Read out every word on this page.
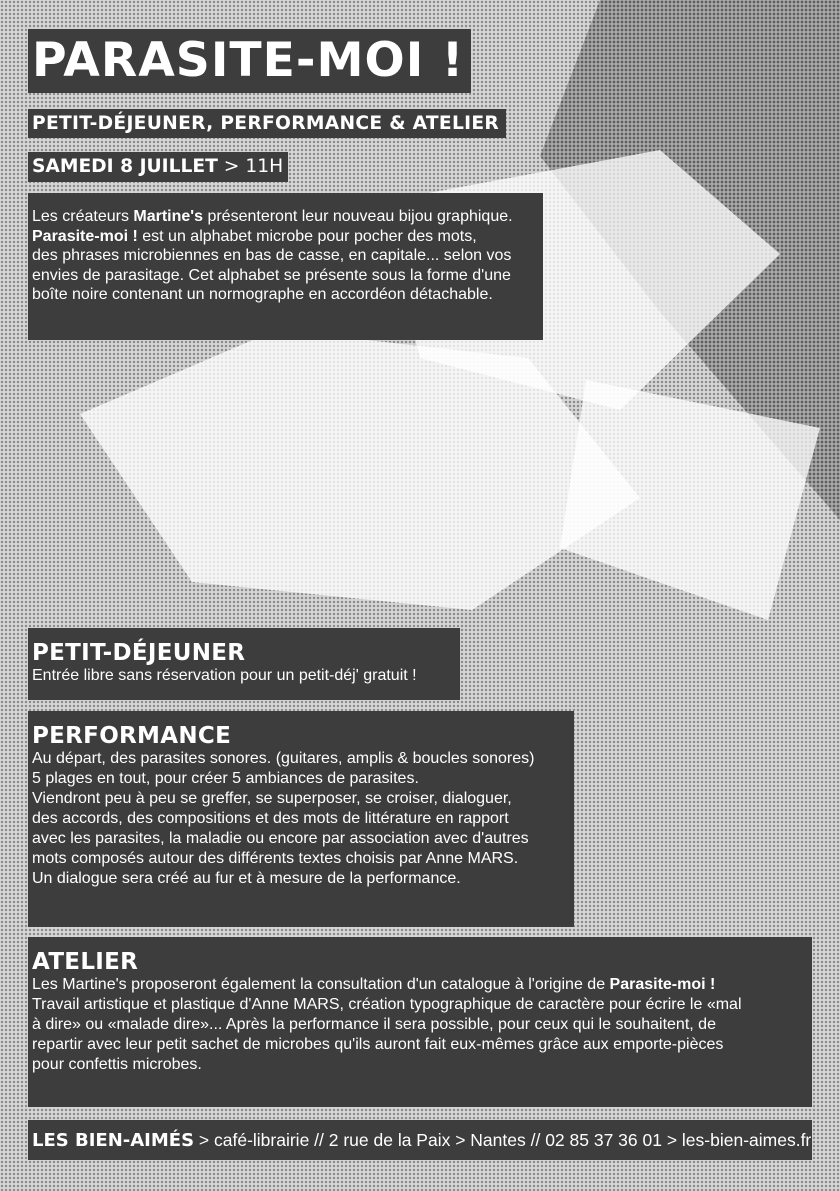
PARASITE-MOI !
PETIT-DÉJEUNER, PERFORMANCE & ATELIER
SAMEDI 8 JUILLET > 11H
Les créateurs Martine's présenteront leur nouveau bijou graphique.
Parasite-moi ! est un alphabet microbe pour pocher des mots,
des phrases microbiennes en bas de casse, en capitale... selon vos
envies de parasitage. Cet alphabet se présente sous la forme d'une
boîte noire contenant un normographe en accordéon détachable.
PETIT-DÉJEUNER

Entrée libre sans réservation pour un petit-déj' gratuit !

PERFORMANCE

Au départ, des parasites sonores. (guitares, amplis & boucles sonores)

5 plages en tout, pour créer 5 ambiances de parasites.

Viendront peu à peu se greffer, se superposer, se croiser, dialoguer,

des accords, des compositions et des mots de littérature en rapport

avec les parasites, la maladie ou encore par association avec d'autres

mots composés autour des différents textes choisis par Anne MARS.

Un dialogue sera créé au fur et à mesure de la performance.

ATELIER

Les Martine's proposeront également la consultation d'un catalogue à l'origine de Parasite-moi !

Travail artistique et plastique d'Anne MARS, création typographique de caractère pour écrire le «mal

à dire» ou «malade dire»... Après la performance il sera possible, pour ceux qui le souhaitent, de

repartir avec leur petit sachet de microbes qu'ils auront fait eux-mêmes grâce aux emporte-pièces

pour confettis microbes.

LES BIEN-AIMÉS > café-librairie // 2 rue de la Paix > Nantes // 02 85 37 36 01 > les-bien-aimes.fr
